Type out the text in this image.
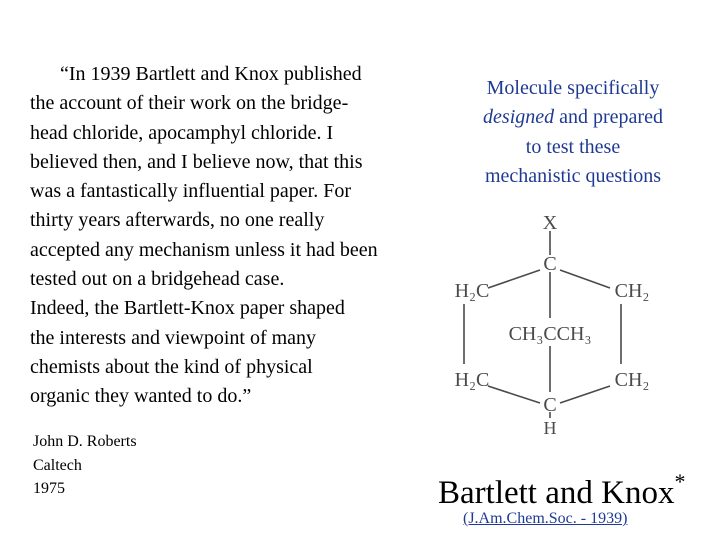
“In 1939 Bartlett and Knox published
the account of their work on the bridge-
head chloride, apocamphyl chloride. I
believed then, and I believe now, that this
was a fantastically influential paper. For
thirty years afterwards, no one really
accepted any mechanism unless it had been
tested out on a bridgehead case.
Indeed, the Bartlett-Knox paper shaped
the interests and viewpoint of many
chemists about the kind of physical
organic they wanted to do.”
John D. Roberts
Caltech
1975
Molecule specifically
designed and prepared
to test these
mechanistic questions
X
C
H₂C	CH₂
CH₃CCH₃
H₂C	CH₂
C
H
Bartlett and Knox*
(J.Am.Chem.Soc. - 1939)
